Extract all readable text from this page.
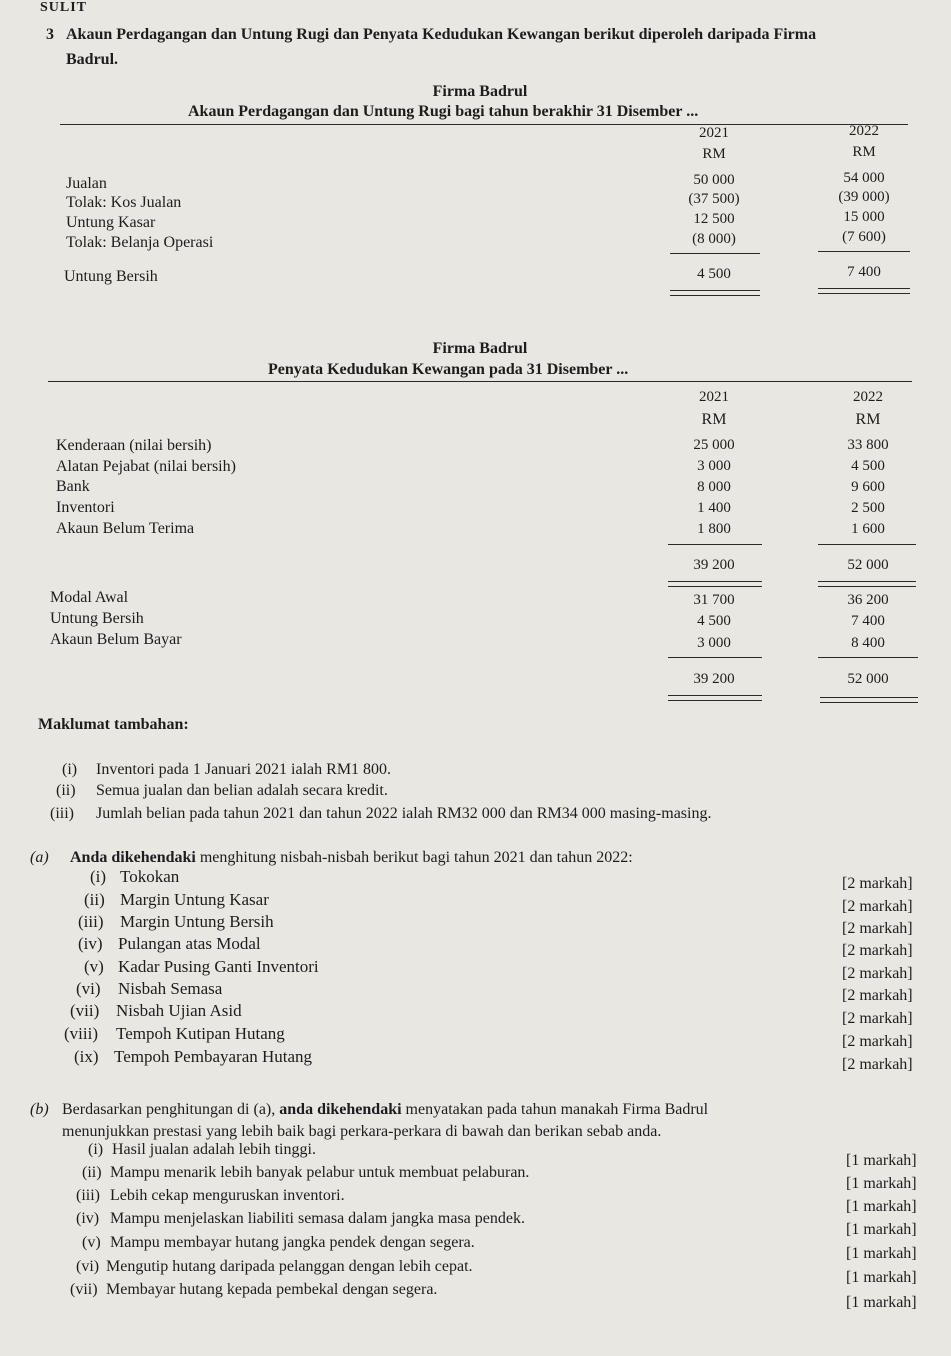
SULIT
3 Akaun Perdagangan dan Untung Rugi dan Penyata Kedudukan Kewangan berikut diperoleh daripada Firma
Badrul.
Firma Badrul
Akaun Perdagangan dan Untung Rugi bagi tahun berakhir 31 Disember ...
2021	2022
RM	RM
Jualan	50 000	54 000
Tolak: Kos Jualan	(37 500)	(39 000)
Untung Kasar	12 500	15 000
Tolak: Belanja Operasi	(8 000)	(7 600)
Untung Bersih	4 500	7 400
Firma Badrul
Penyata Kedudukan Kewangan pada 31 Disember ...
2021	2022
RM	RM
Kenderaan (nilai bersih)	25 000	33 800
Alatan Pejabat (nilai bersih)	3 000	4 500
Bank	8 000	9 600
Inventori	1 400	2 500
Akaun Belum Terima	1 800	1 600
39 200	52 000
Modal Awal	31 700	36 200
Untung Bersih	4 500	7 400
Akaun Belum Bayar	3 000	8 400
39 200	52 000
Maklumat tambahan:
(i) Inventori pada 1 Januari 2021 ialah RM1 800.
(ii) Semua jualan dan belian adalah secara kredit.
(iii) Jumlah belian pada tahun 2021 dan tahun 2022 ialah RM32 000 dan RM34 000 masing-masing.
(a) Anda dikehendaki menghitung nisbah-nisbah berikut bagi tahun 2021 dan tahun 2022:
(i) Tokokan	[2 markah]
(ii) Margin Untung Kasar	[2 markah]
(iii) Margin Untung Bersih	[2 markah]
(iv) Pulangan atas Modal	[2 markah]
(v) Kadar Pusing Ganti Inventori	[2 markah]
(vi) Nisbah Semasa	[2 markah]
(vii) Nisbah Ujian Asid	[2 markah]
(viii) Tempoh Kutipan Hutang	[2 markah]
(ix) Tempoh Pembayaran Hutang	[2 markah]
(b) Berdasarkan penghitungan di (a), anda dikehendaki menyatakan pada tahun manakah Firma Badrul
menunjukkan prestasi yang lebih baik bagi perkara-perkara di bawah dan berikan sebab anda.
(i) Hasil jualan adalah lebih tinggi.
[1 markah]
(ii) Mampu menarik lebih banyak pelabur untuk membuat pelaburan.
[1 markah]
(iii) Lebih cekap menguruskan inventori.
[1 markah]
(iv) Mampu menjelaskan liabiliti semasa dalam jangka masa pendek.
[1 markah]
(v) Mampu membayar hutang jangka pendek dengan segera.
[1 markah]
(vi) Mengutip hutang daripada pelanggan dengan lebih cepat.
[1 markah]
(vii) Membayar hutang kepada pembekal dengan segera.
[1 markah]
